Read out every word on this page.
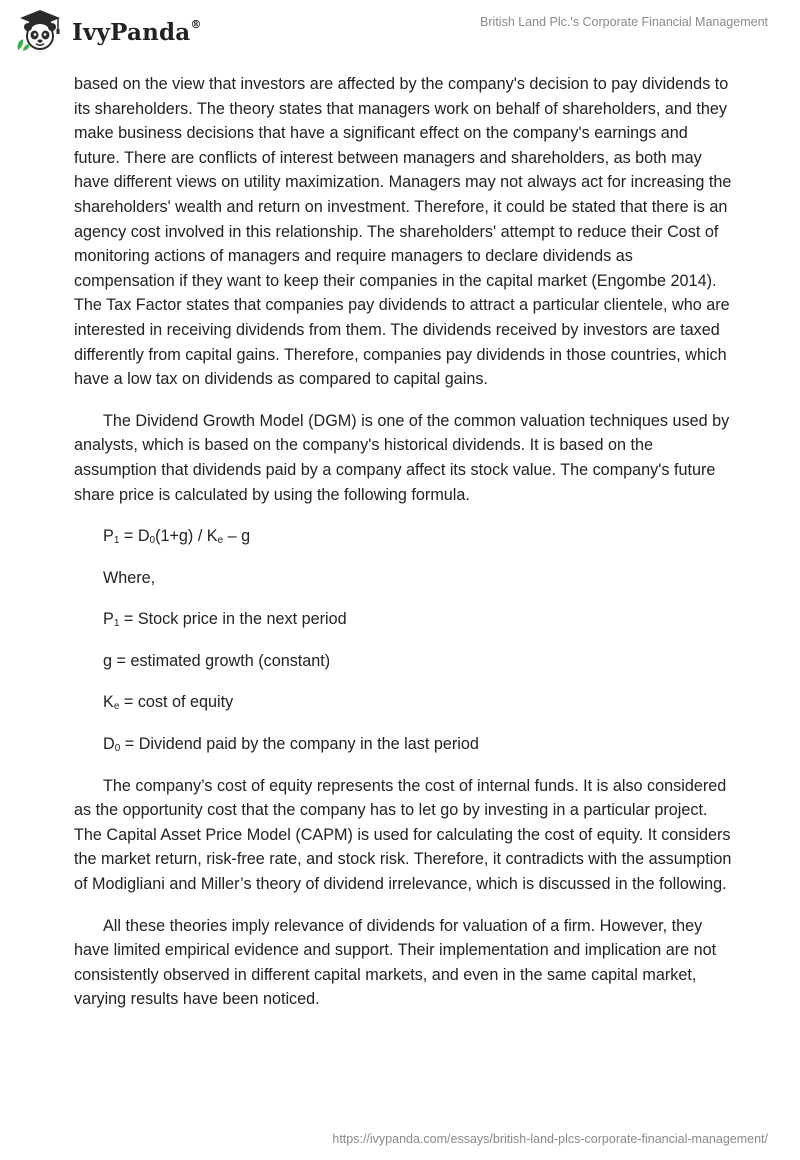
IvyPanda®	British Land Plc.'s Corporate Financial Management

based on the view that investors are affected by the company's decision to pay dividends to its shareholders. The theory states that managers work on behalf of shareholders, and they make business decisions that have a significant effect on the company's earnings and future. There are conflicts of interest between managers and shareholders, as both may have different views on utility maximization. Managers may not always act for increasing the shareholders' wealth and return on investment. Therefore, it could be stated that there is an agency cost involved in this relationship. The shareholders' attempt to reduce their Cost of monitoring actions of managers and require managers to declare dividends as compensation if they want to keep their companies in the capital market (Engombe 2014). The Tax Factor states that companies pay dividends to attract a particular clientele, who are interested in receiving dividends from them. The dividends received by investors are taxed differently from capital gains. Therefore, companies pay dividends in those countries, which have a low tax on dividends as compared to capital gains.

The Dividend Growth Model (DGM) is one of the common valuation techniques used by analysts, which is based on the company's historical dividends. It is based on the assumption that dividends paid by a company affect its stock value. The company's future share price is calculated by using the following formula.

$P_1 = D_0(1+g) / K_e - g$
Where,
$P_1$ = Stock price in the next period
g = estimated growth (constant)
$K_e = \cos t$ of equity
$D_0$ = Dividend paid by the company in the last period

The company’s cost of equity represents the cost of internal funds. It is also considered as the opportunity cost that the company has to let go by investing in a particular project. The Capital Asset Price Model (CAPM) is used for calculating the cost of equity. It considers the market return, risk-free rate, and stock risk. Therefore, it contradicts with the assumption of Modigliani and Miller’s theory of dividend irrelevance, which is discussed in the following.

All these theories imply relevance of dividends for valuation of a firm. However, they have limited empirical evidence and support. Their implementation and implication are not consistently observed in different capital markets, and even in the same capital market, varying results have been noticed.

https://ivypanda.com/essays/british-land-plcs-corporate-financial-management/
